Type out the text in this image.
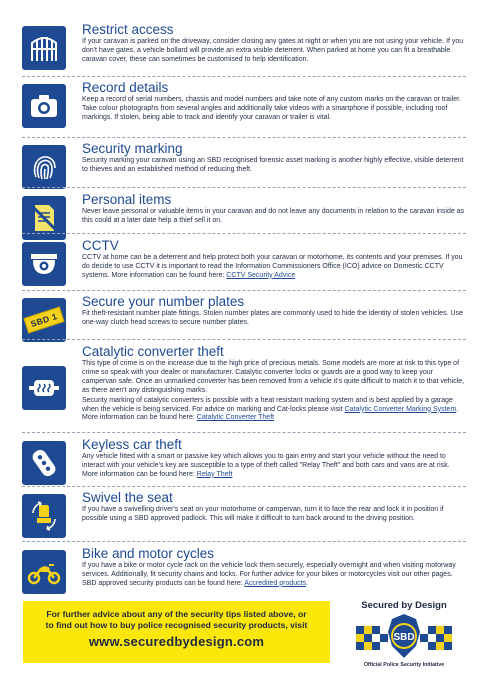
Restrict access

If your caravan is parked on the driveway, consider closing any gates at night or when you are not using your vehicle. If you don't have gates, a vehicle bollard will provide an extra visible deterrent. When parked at home you can fit a breathable caravan cover, these can sometimes be customised to help identification.

Record details

Keep a record of serial numbers, chassis and model numbers and take note of any custom marks on the caravan or trailer. Take colour photographs from several angles and additionally take videos with a smartphone if possible, including roof markings. If stolen, being able to track and identify your caravan or trailer is vital.

Security marking

Security marking your caravan using an SBD recognised forensic asset marking is another highly effective, visible deterrent to thieves and an established method of reducing theft.

Personal items

Never leave personal or valuable items in your caravan and do not leave any documents in relation to the caravan inside as this could at a later date help a thief sell it on.

CCTV

CCTV at home can be a deterrent and help protect both your caravan or motorhome, its contents and your premises. If you do decide to use CCTV it is important to read the Information Commissioners Office (ICO) advice on Domestic CCTV systems. More information can be found here: CCTV Security Advice

SBD 1
Secure your number plates

Fit theft-resistant number plate fittings. Stolen number plates are commonly used to hide the identity of stolen vehicles. Use one-way clutch head screws to secure number plates.

Catalytic converter theft

This type of crime is on the increase due to the high price of precious metals. Some models are more at risk to this type of crime so speak with your dealer or manufacturer. Catalytic converter locks or guards are a good way to keep your campervan safe. Once an unmarked converter has been removed from a vehicle it's quite difficult to match it to that vehicle, as there aren't any distinguishing marks.

Security marking of catalytic converters is possible with a heat resistant marking system and is best applied by a garage when the vehicle is being serviced. For advice on marking and Cat-locks please visit Catalytic Converter Marking System. More information can be found here: Catalytic Converter Theft

Keyless car theft

Any vehicle fitted with a smart or passive key which allows you to gain entry and start your vehicle without the need to interact with your vehicle's key are susceptible to a type of theft called "Relay Theft" and both cars and vans are at risk. More information can be found here: Relay Theft

Swivel the seat

If you have a swivelling driver's seat on your motorhome or campervan, turn it to face the rear and lock it in position if possible using a SBD approved padlock. This will make it difficult to turn back around to the driving position.

Bike and motor cycles

If you have a bike or motor cycle rack on the vehicle lock them securely, especially overnight and when visiting motorway services. Additionally, fit security chains and locks. For further advice for your bikes or motorcycles visit our other pages. SBD approved security products can be found here: Accredited products.

For further advice about any of the security tips listed above, or
to find out how to buy police recognised security products, visit
www.securedbydesign.com
Secured by Design
SBD
Official Police Security Initiative
